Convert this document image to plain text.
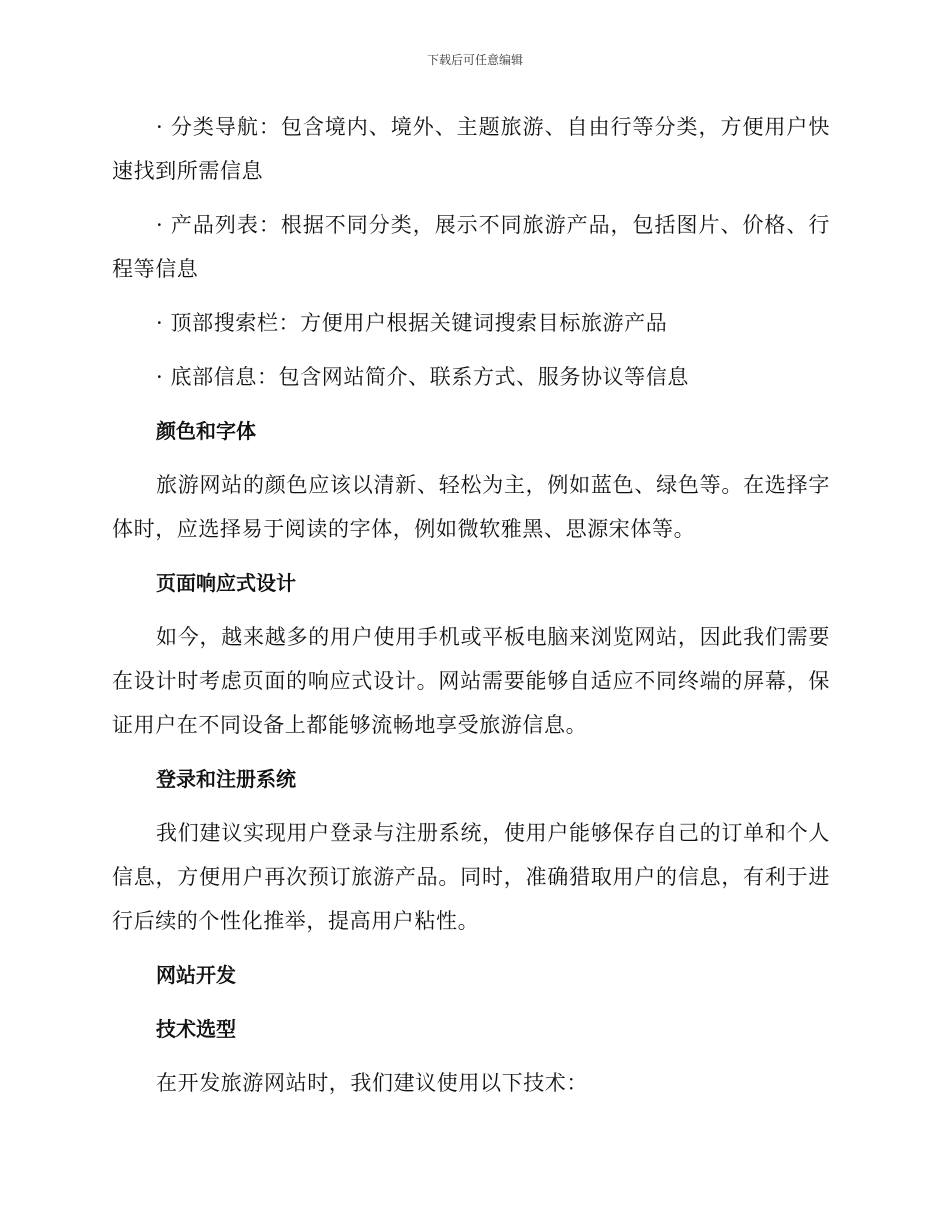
下载后可任意编辑

· 分类导航：包含境内、境外、主题旅游、自由行等分类，方便用户快速找到所需信息

· 产品列表：根据不同分类，展示不同旅游产品，包括图片、价格、行程等信息

· 顶部搜索栏：方便用户根据关键词搜索目标旅游产品

· 底部信息：包含网站简介、联系方式、服务协议等信息

颜色和字体

旅游网站的颜色应该以清新、轻松为主，例如蓝色、绿色等。在选择字体时，应选择易于阅读的字体，例如微软雅黑、思源宋体等。

页面响应式设计

如今，越来越多的用户使用手机或平板电脑来浏览网站，因此我们需要在设计时考虑页面的响应式设计。网站需要能够自适应不同终端的屏幕，保证用户在不同设备上都能够流畅地享受旅游信息。

登录和注册系统

我们建议实现用户登录与注册系统，使用户能够保存自己的订单和个人信息，方便用户再次预订旅游产品。同时，准确猎取用户的信息，有利于进行后续的个性化推举，提高用户粘性。

网站开发

技术选型

在开发旅游网站时，我们建议使用以下技术：
